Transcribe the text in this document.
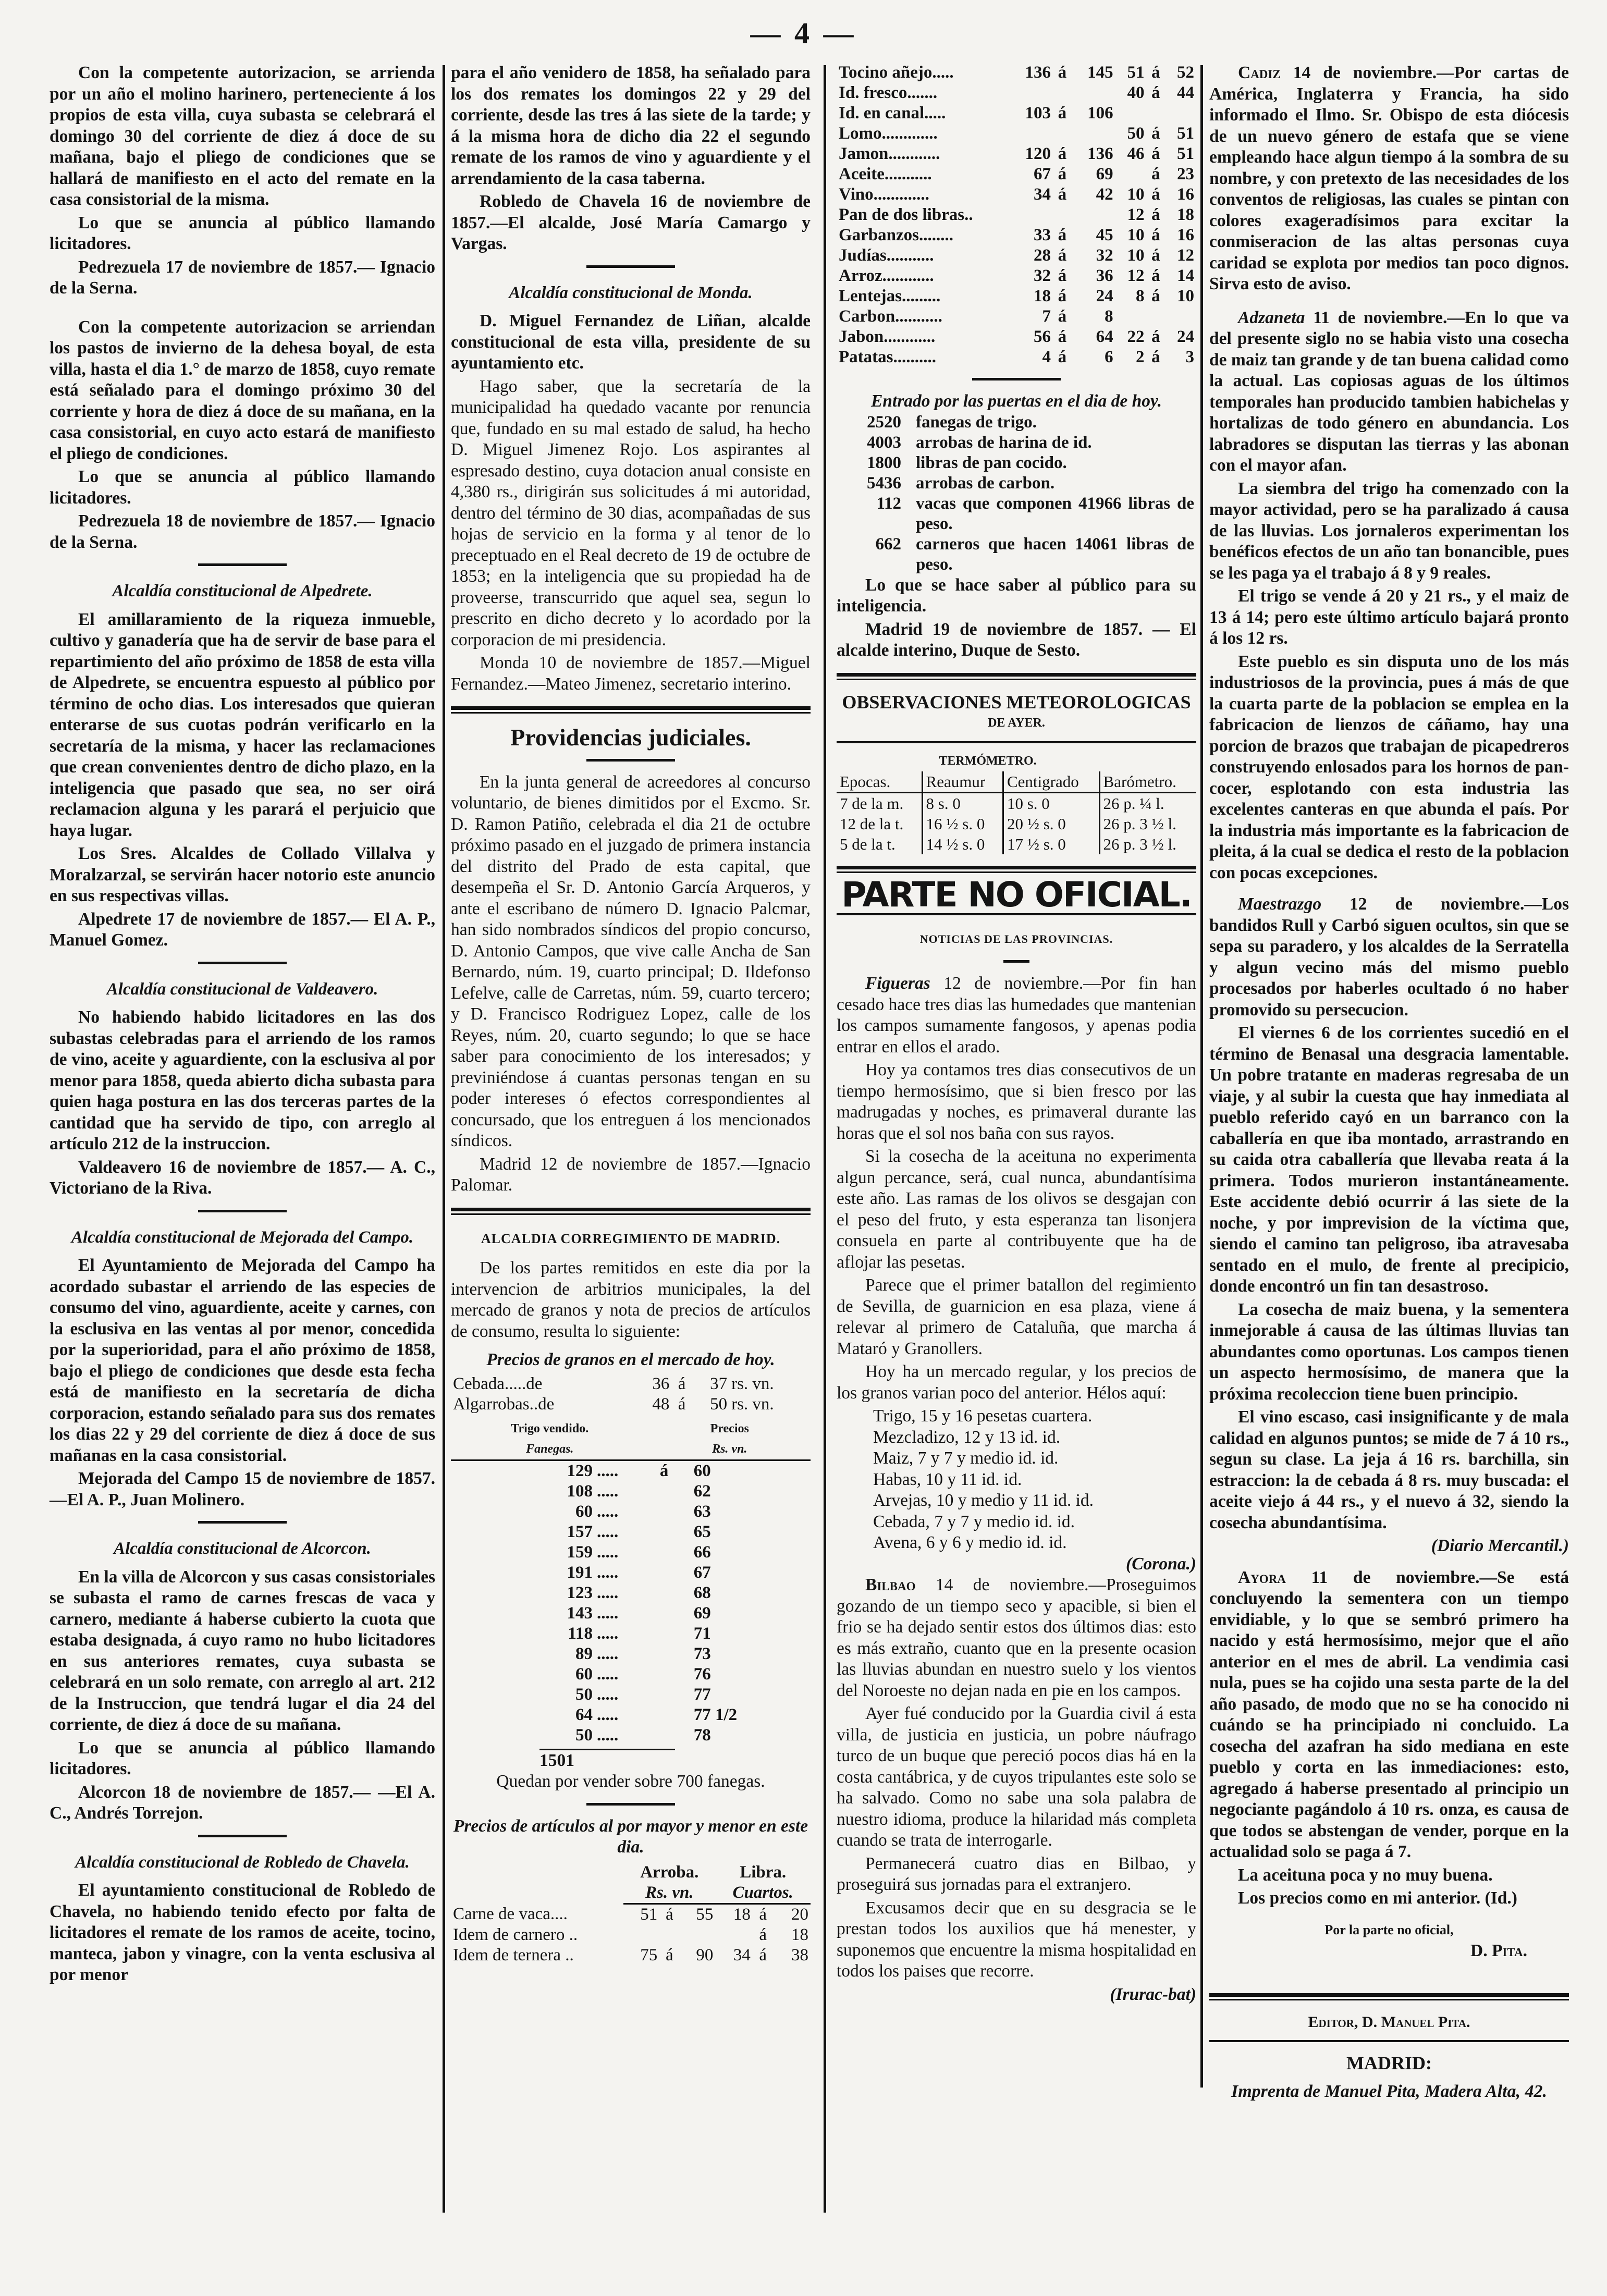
— 4 —

Con la competente autorizacion, se arrienda por un año el molino harinero, perteneciente á los propios de esta villa, cuya subasta se celebrará el domingo 30 del corriente de diez á doce de su mañana, bajo el pliego de condiciones que se hallará de manifiesto en el acto del remate en la casa consistorial de la misma.

Lo que se anuncia al público llamando licitadores.

Pedrezuela 17 de noviembre de 1857.— Ignacio de la Serna.

Con la competente autorizacion se arriendan los pastos de invierno de la dehesa boyal, de esta villa, hasta el dia 1.° de marzo de 1858, cuyo remate está señalado para el domingo próximo 30 del corriente y hora de diez á doce de su mañana, en la casa consistorial, en cuyo acto estará de manifiesto el pliego de condiciones.

Lo que se anuncia al público llamando licitadores.

Pedrezuela 18 de noviembre de 1857.— Ignacio de la Serna.

Alcaldía constitucional de Alpedrete.

El amillaramiento de la riqueza inmueble, cultivo y ganadería que ha de servir de base para el repartimiento del año próximo de 1858 de esta villa de Alpedrete, se encuentra espuesto al público por término de ocho dias. Los interesados que quieran enterarse de sus cuotas podrán verificarlo en la secretaría de la misma, y hacer las reclamaciones que crean convenientes dentro de dicho plazo, en la inteligencia que pasado que sea, no ser oirá reclamacion alguna y les parará el perjuicio que haya lugar.

Los Sres. Alcaldes de Collado Villalva y Moralzarzal, se servirán hacer notorio este anuncio en sus respectivas villas.

Alpedrete 17 de noviembre de 1857.— El A. P., Manuel Gomez.

Alcaldía constitucional de Valdeavero.

No habiendo habido licitadores en las dos subastas celebradas para el arriendo de los ramos de vino, aceite y aguardiente, con la esclusiva al por menor para 1858, queda abierto dicha subasta para quien haga postura en las dos terceras partes de la cantidad que ha servido de tipo, con arreglo al artículo 212 de la instruccion.

Valdeavero 16 de noviembre de 1857.— A. C., Victoriano de la Riva.

Alcaldía constitucional de Mejorada del Campo.

El Ayuntamiento de Mejorada del Campo ha acordado subastar el arriendo de las especies de consumo del vino, aguardiente, aceite y carnes, con la esclusiva en las ventas al por menor, concedida por la superioridad, para el año próximo de 1858, bajo el pliego de condiciones que desde esta fecha está de manifiesto en la secretaría de dicha corporacion, estando señalado para sus dos remates los dias 22 y 29 del corriente de diez á doce de sus mañanas en la casa consistorial.

Mejorada del Campo 15 de noviembre de 1857.—El A. P., Juan Molinero.

Alcaldía constitucional de Alcorcon.

En la villa de Alcorcon y sus casas consistoriales se subasta el ramo de carnes frescas de vaca y carnero, mediante á haberse cubierto la cuota que estaba designada, á cuyo ramo no hubo licitadores en sus anteriores remates, cuya subasta se celebrará en un solo remate, con arreglo al art. 212 de la Instruccion, que tendrá lugar el dia 24 del corriente, de diez á doce de su mañana.

Lo que se anuncia al público llamando licitadores.

Alcorcon 18 de noviembre de 1857.— —El A. C., Andrés Torrejon.

Alcaldía constitucional de Robledo de Chavela.

El ayuntamiento constitucional de Robledo de Chavela, no habiendo tenido efecto por falta de licitadores el remate de los ramos de aceite, tocino, manteca, jabon y vinagre, con la venta esclusiva al por menor

para el año venidero de 1858, ha señalado para los dos remates los domingos 22 y 29 del corriente, desde las tres á las siete de la tarde; y á la misma hora de dicho dia 22 el segundo remate de los ramos de vino y aguardiente y el arrendamiento de la casa taberna.

Robledo de Chavela 16 de noviembre de 1857.—El alcalde, José María Camargo y Vargas.

Alcaldía constitucional de Monda.

D. Miguel Fernandez de Liñan, alcalde constitucional de esta villa, presidente de su ayuntamiento etc.

Hago saber, que la secretaría de la municipalidad ha quedado vacante por renuncia que, fundado en su mal estado de salud, ha hecho D. Miguel Jimenez Rojo. Los aspirantes al espresado destino, cuya dotacion anual consiste en 4,380 rs., dirigirán sus solicitudes á mi autoridad, dentro del término de 30 dias, acompañadas de sus hojas de servicio en la forma y al tenor de lo preceptuado en el Real decreto de 19 de octubre de 1853; en la inteligencia que su propiedad ha de proveerse, transcurrido que aquel sea, segun lo prescrito en dicho decreto y lo acordado por la corporacion de mi presidencia.

Monda 10 de noviembre de 1857.—Miguel Fernandez.—Mateo Jimenez, secretario interino.

Providencias judiciales.

En la junta general de acreedores al concurso voluntario, de bienes dimitidos por el Excmo. Sr. D. Ramon Patiño, celebrada el dia 21 de octubre próximo pasado en el juzgado de primera instancia del distrito del Prado de esta capital, que desempeña el Sr. D. Antonio García Arqueros, y ante el escribano de número D. Ignacio Palcmar, han sido nombrados síndicos del propio concurso, D. Antonio Campos, que vive calle Ancha de San Bernardo, núm. 19, cuarto principal; D. Ildefonso Lefelve, calle de Carretas, núm. 59, cuarto tercero; y D. Francisco Rodriguez Lopez, calle de los Reyes, núm. 20, cuarto segundo; lo que se hace saber para conocimiento de los interesados; y previniéndose á cuantas personas tengan en su poder intereses ó efectos correspondientes al concursado, que los entreguen á los mencionados síndicos.

Madrid 12 de noviembre de 1857.—Ignacio Palomar.

ALCALDIA CORREGIMIENTO DE MADRID.

De los partes remitidos en este dia por la intervencion de arbitrios municipales, la del mercado de granos y nota de precios de artículos de consumo, resulta lo siguiente:

Precios de granos en el mercado de hoy.
Cebada.....de	36	á	37	rs. vn.
Algarrobas..de	48	á	50	rs. vn.
Trigo vendido.	Precios
Fanegas.	Rs. vn.
129	.....	á	60
108	.....		62
60	.....		63
157	.....		65
159	.....		66
191	.....		67
123	.....		68
143	.....		69
118	.....		71
89	.....		73
60	.....		76
50	.....		77
64	.....		77 1/2
50	.....		78
1501
Quedan por vender sobre 700 fanegas.
Precios de artículos al por mayor y menor en este dia.
	Arroba.			Libra.		
	Rs. vn.			Cuartos.		
Carne de vaca....	51	á	55	18	á	20
Idem de carnero ..					á	18
Idem de ternera ..	75	á	90	34	á	38
Tocino añejo.....	136	á	145	51	á	52
Id. fresco.......				40	á	44
Id. en canal.....	103	á	106			
Lomo.............				50	á	51
Jamon............	120	á	136	46	á	51
Aceite...........	67	á	69		á	23
Vino.............	34	á	42	10	á	16
Pan de dos libras..				12	á	18
Garbanzos........	33	á	45	10	á	16
Judías...........	28	á	32	10	á	12
Arroz............	32	á	36	12	á	14
Lentejas.........	18	á	24	8	á	10
Carbon...........	7	á	8			
Jabon............	56	á	64	22	á	24
Patatas..........	4	á	6	2	á	3
Entrado por las puertas en el dia de hoy.
2520	fanegas de trigo.
4003	arrobas de harina de id.
1800	libras de pan cocido.
5436	arrobas de carbon.
112	vacas que componen 41966 libras de peso.
662	carneros que hacen 14061 libras de peso.

Lo que se hace saber al público para su inteligencia.

Madrid 19 de noviembre de 1857. — El alcalde interino, Duque de Sesto.

OBSERVACIONES METEOROLOGICAS
DE AYER.
TERMÓMETRO.
Epocas.	Reaumur	Centigrado	Barómetro.
7 de la m.	8 s. 0	10 s. 0	26 p. ¼ l.
12 de la t.	16 ½ s. 0	20 ½ s. 0	26 p. 3 ½ l.
5 de la t.	14 ½ s. 0	17 ½ s. 0	26 p. 3 ½ l.
PARTE NO OFICIAL.
NOTICIAS DE LAS PROVINCIAS.

Figueras 12 de noviembre.—Por fin han cesado hace tres dias las humedades que mantenian los campos sumamente fangosos, y apenas podia entrar en ellos el arado.

Hoy ya contamos tres dias consecutivos de un tiempo hermosísimo, que si bien fresco por las madrugadas y noches, es primaveral durante las horas que el sol nos baña con sus rayos.

Si la cosecha de la aceituna no experimenta algun percance, será, cual nunca, abundantísima este año. Las ramas de los olivos se desgajan con el peso del fruto, y esta esperanza tan lisonjera consuela en parte al contribuyente que ha de aflojar las pesetas.

Parece que el primer batallon del regimiento de Sevilla, de guarnicion en esa plaza, viene á relevar al primero de Cataluña, que marcha á Mataró y Granollers.

Hoy ha un mercado regular, y los precios de los granos varian poco del anterior. Hélos aquí:

Trigo, 15 y 16 pesetas cuartera.
Mezcladizo, 12 y 13 id. id.
Maiz, 7 y 7 y medio id. id.
Habas, 10 y 11 id. id.
Arvejas, 10 y medio y 11 id. id.
Cebada, 7 y 7 y medio id. id.
Avena, 6 y 6 y medio id. id.
(Corona.)

Bilbao 14 de noviembre.—Proseguimos gozando de un tiempo seco y apacible, si bien el frio se ha dejado sentir estos dos últimos dias: esto es más extraño, cuanto que en la presente ocasion las lluvias abundan en nuestro suelo y los vientos del Noroeste no dejan nada en pie en los campos.

Ayer fué conducido por la Guardia civil á esta villa, de justicia en justicia, un pobre náufrago turco de un buque que pereció pocos dias há en la costa cantábrica, y de cuyos tripulantes este solo se ha salvado. Como no sabe una sola palabra de nuestro idioma, produce la hilaridad más completa cuando se trata de interrogarle.

Permanecerá cuatro dias en Bilbao, y proseguirá sus jornadas para el extranjero.

Excusamos decir que en su desgracia se le prestan todos los auxilios que há menester, y suponemos que encuentre la misma hospitalidad en todos los paises que recorre.

(Irurac-bat)

Cadiz 14 de noviembre.—Por cartas de América, Inglaterra y Francia, ha sido informado el Ilmo. Sr. Obispo de esta diócesis de un nuevo género de estafa que se viene empleando hace algun tiempo á la sombra de su nombre, y con pretexto de las necesidades de los conventos de religiosas, las cuales se pintan con colores exageradísimos para excitar la conmiseracion de las altas personas cuya caridad se explota por medios tan poco dignos. Sirva esto de aviso.

Adzaneta 11 de noviembre.—En lo que va del presente siglo no se habia visto una cosecha de maiz tan grande y de tan buena calidad como la actual. Las copiosas aguas de los últimos temporales han producido tambien habichelas y hortalizas de todo género en abundancia. Los labradores se disputan las tierras y las abonan con el mayor afan.

La siembra del trigo ha comenzado con la mayor actividad, pero se ha paralizado á causa de las lluvias. Los jornaleros experimentan los benéficos efectos de un año tan bonancible, pues se les paga ya el trabajo á 8 y 9 reales.

El trigo se vende á 20 y 21 rs., y el maiz de 13 á 14; pero este último artículo bajará pronto á los 12 rs.

Este pueblo es sin disputa uno de los más industriosos de la provincia, pues á más de que la cuarta parte de la poblacion se emplea en la fabricacion de lienzos de cáñamo, hay una porcion de brazos que trabajan de picapedreros construyendo enlosados para los hornos de pan-cocer, esplotando con esta industria las excelentes canteras en que abunda el país. Por la industria más importante es la fabricacion de pleita, á la cual se dedica el resto de la poblacion con pocas excepciones.

Maestrazgo 12 de noviembre.—Los bandidos Rull y Carbó siguen ocultos, sin que se sepa su paradero, y los alcaldes de la Serratella y algun vecino más del mismo pueblo procesados por haberles ocultado ó no haber promovido su persecucion.

El viernes 6 de los corrientes sucedió en el término de Benasal una desgracia lamentable. Un pobre tratante en maderas regresaba de un viaje, y al subir la cuesta que hay inmediata al pueblo referido cayó en un barranco con la caballería en que iba montado, arrastrando en su caida otra caballería que llevaba reata á la primera. Todos murieron instantáneamente. Este accidente debió ocurrir á las siete de la noche, y por imprevision de la víctima que, siendo el camino tan peligroso, iba atravesaba sentado en el mulo, de frente al precipicio, donde encontró un fin tan desastroso.

La cosecha de maiz buena, y la sementera inmejorable á causa de las últimas lluvias tan abundantes como oportunas. Los campos tienen un aspecto hermosísimo, de manera que la próxima recoleccion tiene buen principio.

El vino escaso, casi insignificante y de mala calidad en algunos puntos; se mide de 7 á 10 rs., segun su clase. La jeja á 16 rs. barchilla, sin estraccion: la de cebada á 8 rs. muy buscada: el aceite viejo á 44 rs., y el nuevo á 32, siendo la cosecha abundantísima.

(Diario Mercantil.)

Ayora 11 de noviembre.—Se está concluyendo la sementera con un tiempo envidiable, y lo que se sembró primero ha nacido y está hermosísimo, mejor que el año anterior en el mes de abril. La vendimia casi nula, pues se ha cojido una sesta parte de la del año pasado, de modo que no se ha conocido ni cuándo se ha principiado ni concluido. La cosecha del azafran ha sido mediana en este pueblo y corta en las inmediaciones: esto, agregado á haberse presentado al principio un negociante pagándolo á 10 rs. onza, es causa de que todos se abstengan de vender, porque en la actualidad solo se paga á 7.

La aceituna poca y no muy buena.

Los precios como en mi anterior. (Id.)

Por la parte no oficial,
D. Pita.
Editor, D. Manuel Pita.
MADRID:
Imprenta de Manuel Pita, Madera Alta, 42.
